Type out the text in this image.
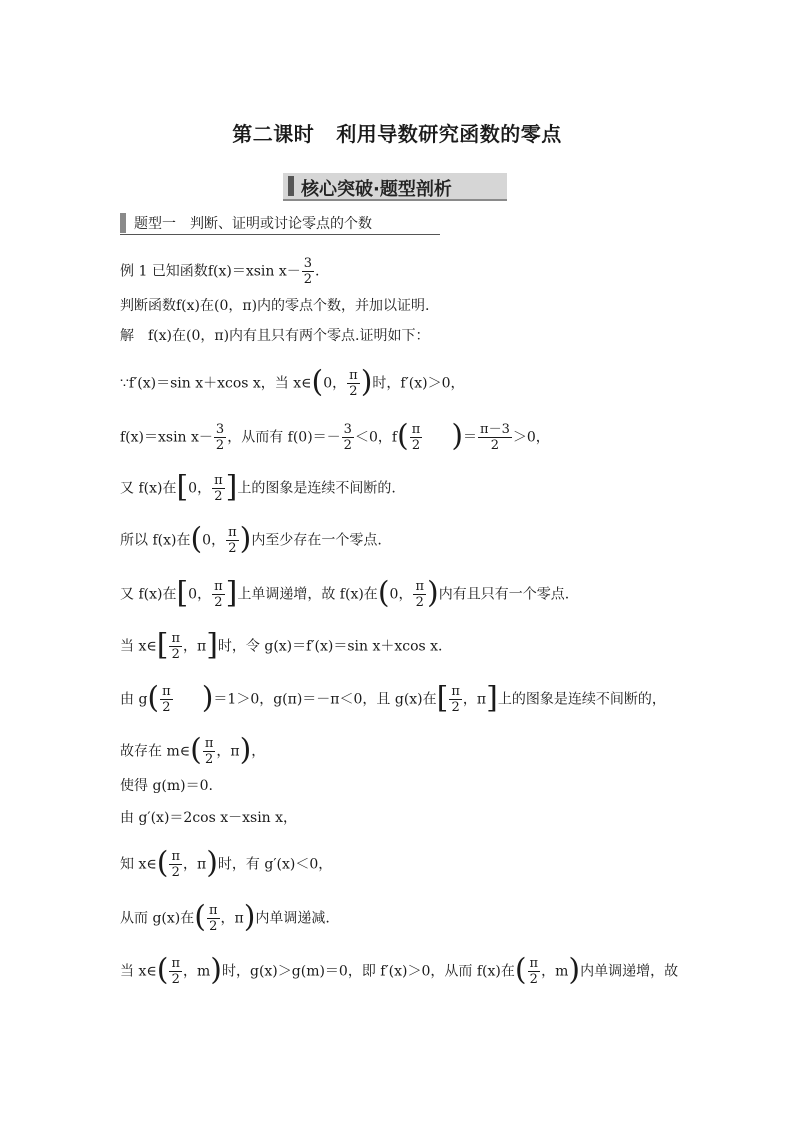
第二课时 利用导数研究函数的零点
核心突破·题型剖析
题型一 判断、证明或讨论零点的个数
例 1 已知函数f(x)＝xsin $x- \frac{3}{2}$ .
判断函数f(x)在(0，π)内的零点个数，并加以证明.
解　f(x)在(0，π)内有且只有两个零点.证明如下：
∵f′(x)＝sin x＋xcos x，当 x∈(0， $\frac{\pi}{2}$ )时，f′(x)＞0，
f(x)＝xsin $x- \frac{3}{2}$ ，从而有 $f(0)=- \frac{3}{2} <0$，$f( \frac{\pi}{2}$ )＝ $\frac{\pi-3}{2} >0$，
又 f(x)在[0， $\frac{\pi}{2}$ ]上的图象是连续不间断的.
所以 f(x)在(0， $\frac{\pi}{2}$ )内至少存在一个零点.
又 f(x)在[0， $\frac{\pi}{2}$ ]上单调递增，故 f(x)在(0， $\frac{\pi}{2}$ )内有且只有一个零点.
当 x∈[ $\frac{\pi}{2}$ ，π]时，令 g(x)＝f′(x)＝sin x＋xcos x.
由 $g( \frac{\pi}{2} )=1>0$，g(π)＝－π＜0，且 g(x)在[ $\frac{\pi}{2}$ ，π]上的图象是连续不间断的，
故存在 m∈( $\frac{\pi}{2}$ ，π)，
使得 g(m)＝0.
由 g′(x)＝2cos x－xsin x，
知 x∈( $\frac{\pi}{2}$ ，π)时，有 g′(x)＜0，
从而 g(x)在( $\frac{\pi}{2}$ ，π)内单调递减.
当 x∈( $\frac{\pi}{2}$ ，m)时，g(x)＞g(m)＝0，即 f′(x)＞0，从而 f(x)在( $\frac{\pi}{2}$ ，m)内单调递增，故
